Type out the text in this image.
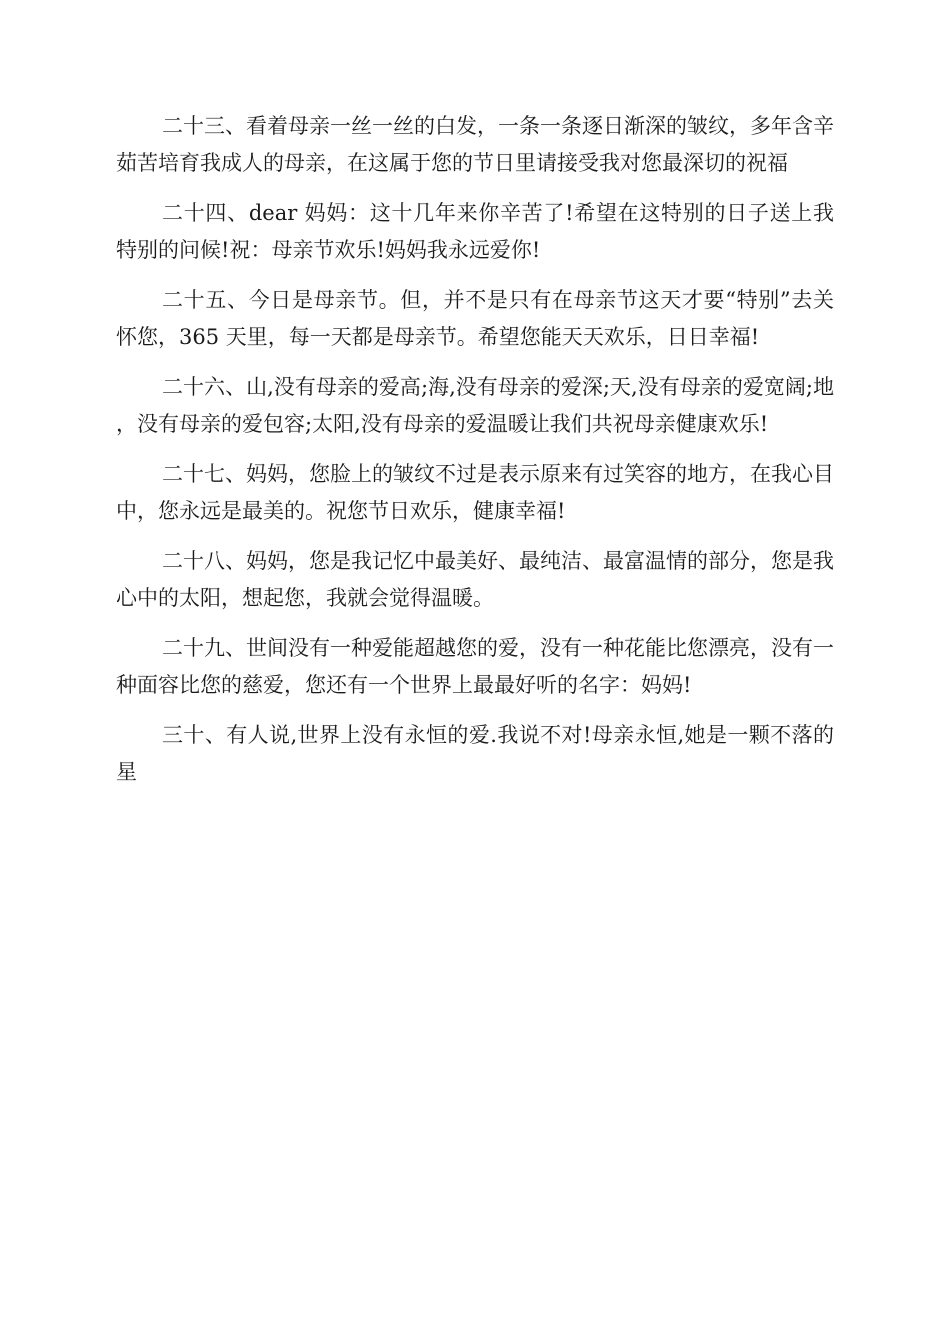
二十三、看着母亲一丝一丝的白发，一条一条逐日渐深的皱纹，多年含辛茹苦培育我成人的母亲，在这属于您的节日里请接受我对您最深切的祝福

二十四、dear 妈妈：这十几年来你辛苦了!希望在这特别的日子送上我特别的问候!祝：母亲节欢乐!妈妈我永远爱你!

二十五、今日是母亲节。但，并不是只有在母亲节这天才要“特别”去关怀您，365 天里，每一天都是母亲节。希望您能天天欢乐，日日幸福!

二十六、山,没有母亲的爱高;海,没有母亲的爱深;天,没有母亲的爱宽阔;地，没有母亲的爱包容;太阳,没有母亲的爱温暖让我们共祝母亲健康欢乐!

二十七、妈妈，您脸上的皱纹不过是表示原来有过笑容的地方，在我心目中，您永远是最美的。祝您节日欢乐，健康幸福!

二十八、妈妈，您是我记忆中最美好、最纯洁、最富温情的部分，您是我心中的太阳，想起您，我就会觉得温暖。

二十九、世间没有一种爱能超越您的爱，没有一种花能比您漂亮，没有一种面容比您的慈爱，您还有一个世界上最最好听的名字：妈妈!

三十、有人说,世界上没有永恒的爱.我说不对!母亲永恒,她是一颗不落的星
